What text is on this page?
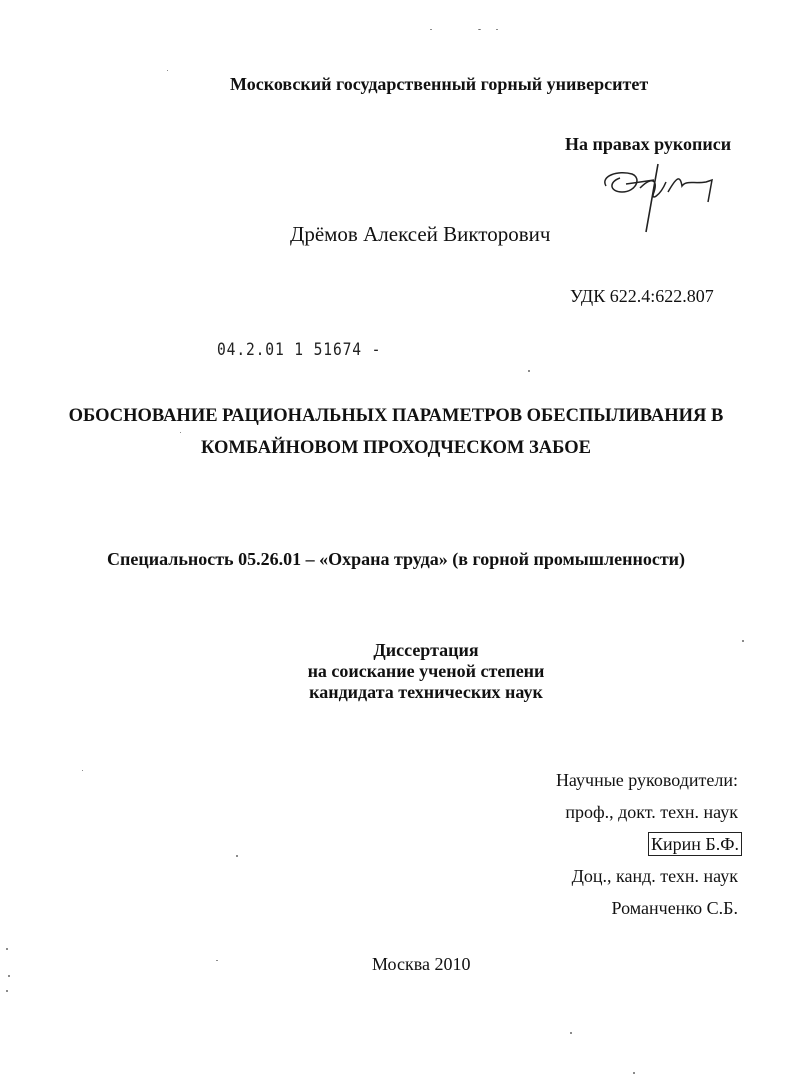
Московский государственный горный университет
На правах рукописи
Дрёмов Алексей Викторович
УДК 622.4:622.807
04.2.01 1 51674 -
ОБОСНОВАНИЕ РАЦИОНАЛЬНЫХ ПАРАМЕТРОВ ОБЕСПЫЛИВАНИЯ В
КОМБАЙНОВОМ ПРОХОДЧЕСКОМ ЗАБОЕ
Специальность 05.26.01 – «Охрана труда» (в горной промышленности)
Диссертация
на соискание ученой степени
кандидата технических наук
Научные руководители:
проф., докт. техн. наук
Кирин Б.Ф.
Доц., канд. техн. наук
Романченко С.Б.
Москва 2010
